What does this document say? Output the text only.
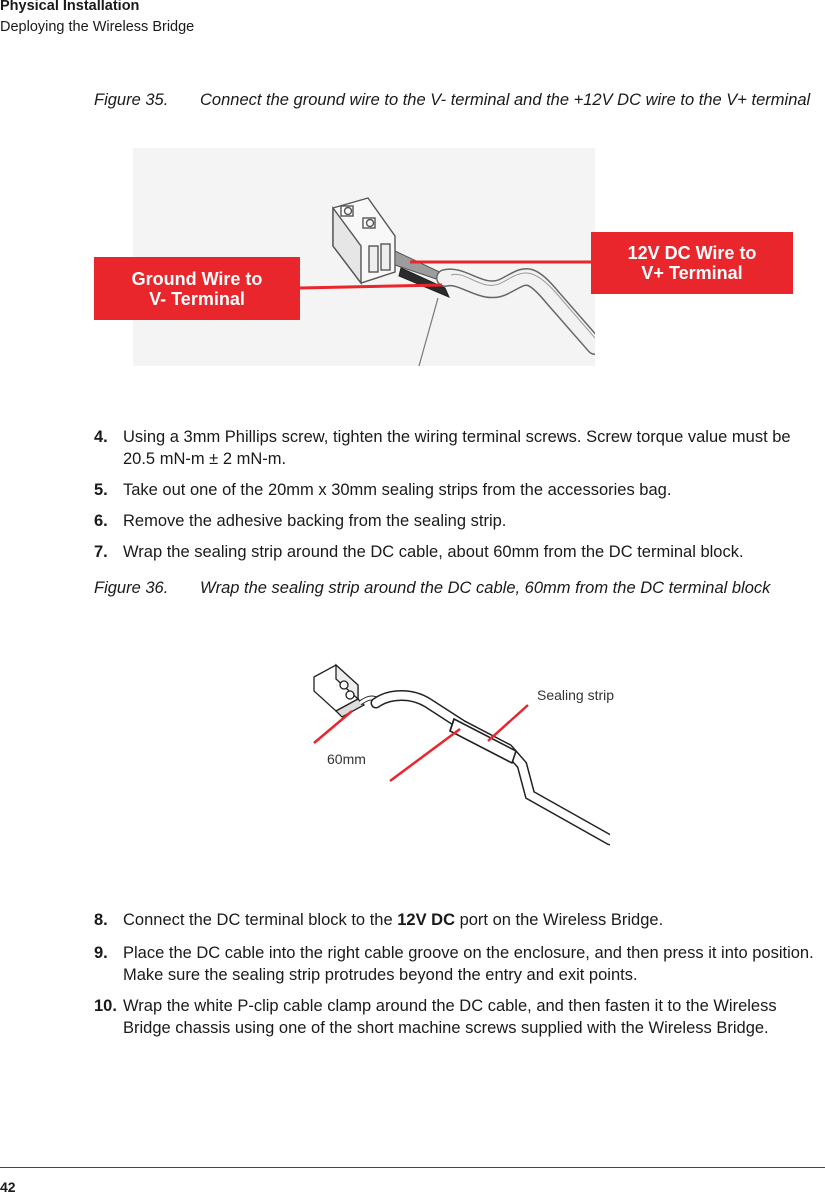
Physical Installation
Deploying the Wireless Bridge
Figure 35. Connect the ground wire to the V- terminal and the +12V DC wire to the V+ terminal
Ground Wire to
V- Terminal
12V DC Wire to
V+ Terminal
4. Using a 3mm Phillips screw, tighten the wiring terminal screws. Screw torque value must be 20.5 mN-m ± 2 mN-m.
5. Take out one of the 20mm x 30mm sealing strips from the accessories bag.
6. Remove the adhesive backing from the sealing strip.
7. Wrap the sealing strip around the DC cable, about 60mm from the DC terminal block.
Figure 36. Wrap the sealing strip around the DC cable, 60mm from the DC terminal block
Sealing strip
60mm
8. Connect the DC terminal block to the 12V DC port on the Wireless Bridge.
9. Place the DC cable into the right cable groove on the enclosure, and then press it into position. Make sure the sealing strip protrudes beyond the entry and exit points.
10. Wrap the white P-clip cable clamp around the DC cable, and then fasten it to the Wireless Bridge chassis using one of the short machine screws supplied with the Wireless Bridge.
42
